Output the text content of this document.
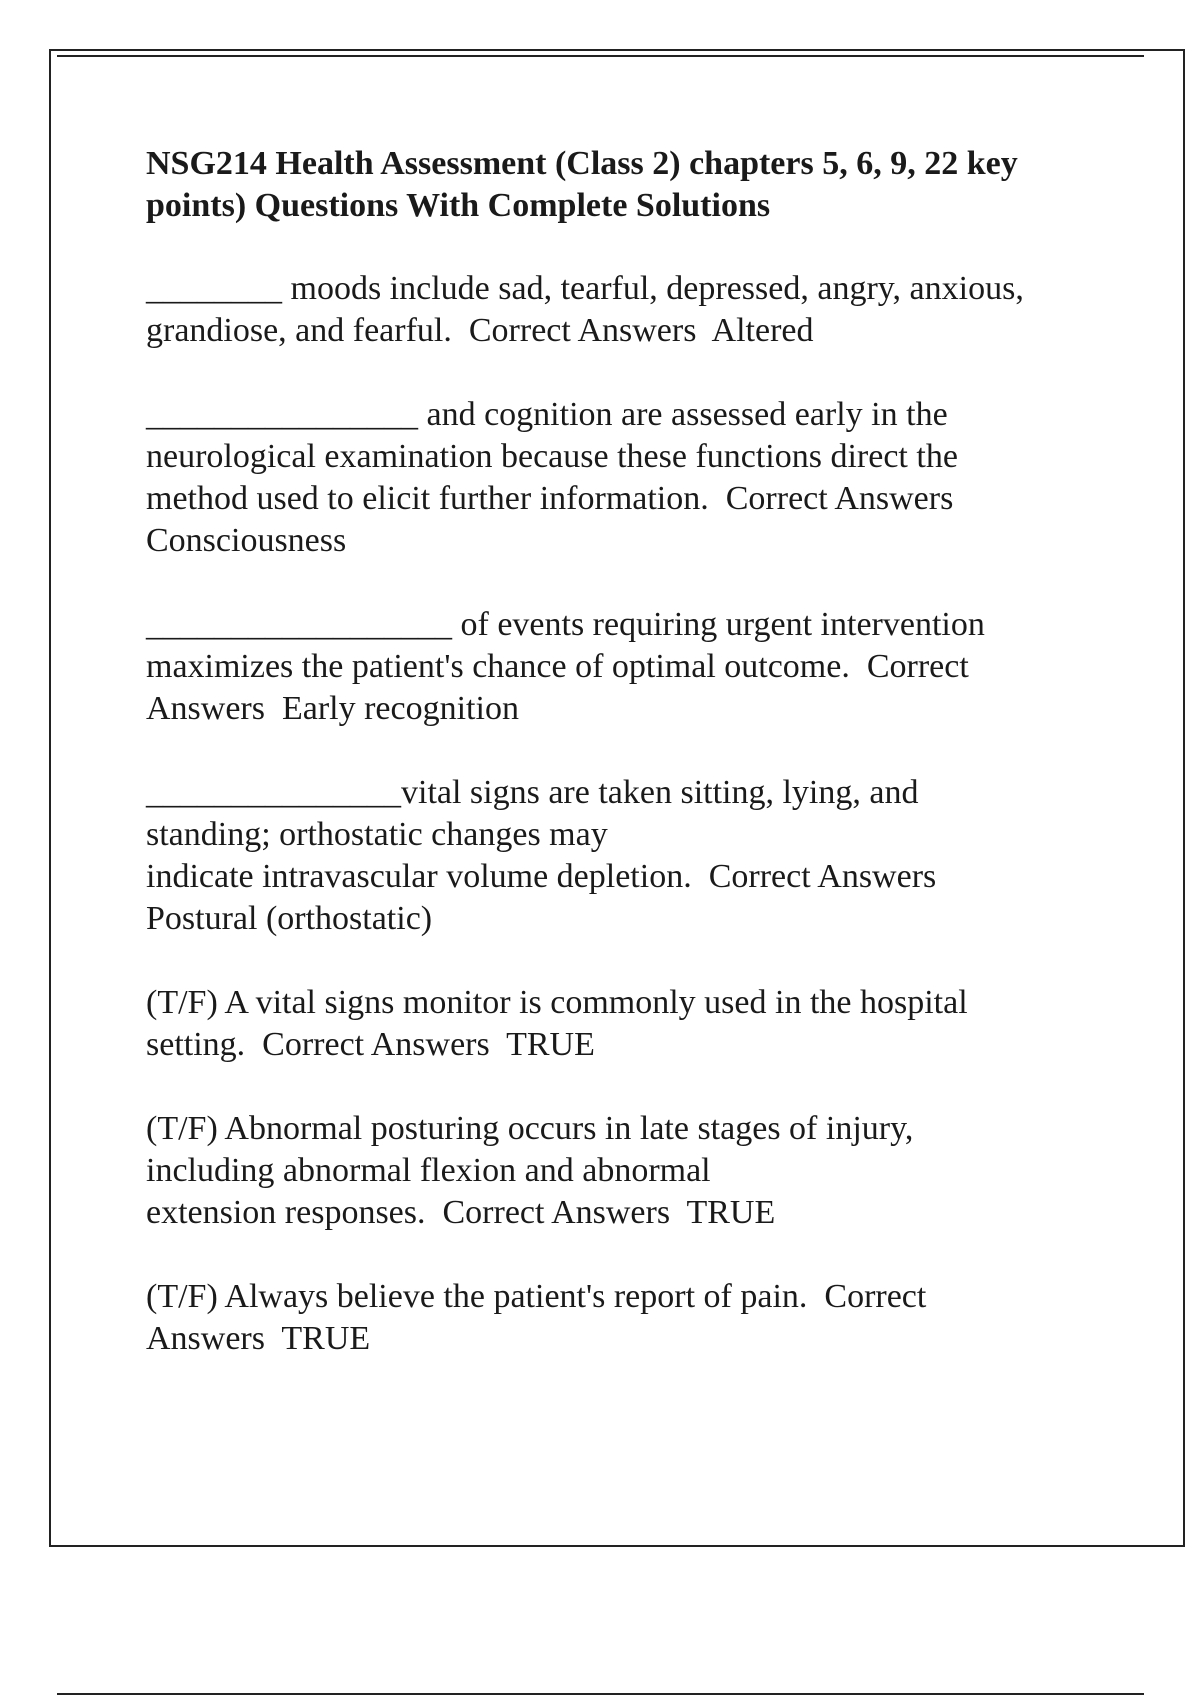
NSG214 Health Assessment (Class 2) chapters 5, 6, 9, 22 key
points) Questions With Complete Solutions
________ moods include sad, tearful, depressed, angry, anxious,
grandiose, and fearful.  Correct Answers  Altered
________________ and cognition are assessed early in the
neurological examination because these functions direct the
method used to elicit further information.  Correct Answers
Consciousness
__________________ of events requiring urgent intervention
maximizes the patient's chance of optimal outcome.  Correct
Answers  Early recognition
_______________vital signs are taken sitting, lying, and
standing; orthostatic changes may
indicate intravascular volume depletion.  Correct Answers
Postural (orthostatic)
(T/F) A vital signs monitor is commonly used in the hospital
setting.  Correct Answers  TRUE
(T/F) Abnormal posturing occurs in late stages of injury,
including abnormal flexion and abnormal
extension responses.  Correct Answers  TRUE
(T/F) Always believe the patient's report of pain.  Correct
Answers  TRUE
